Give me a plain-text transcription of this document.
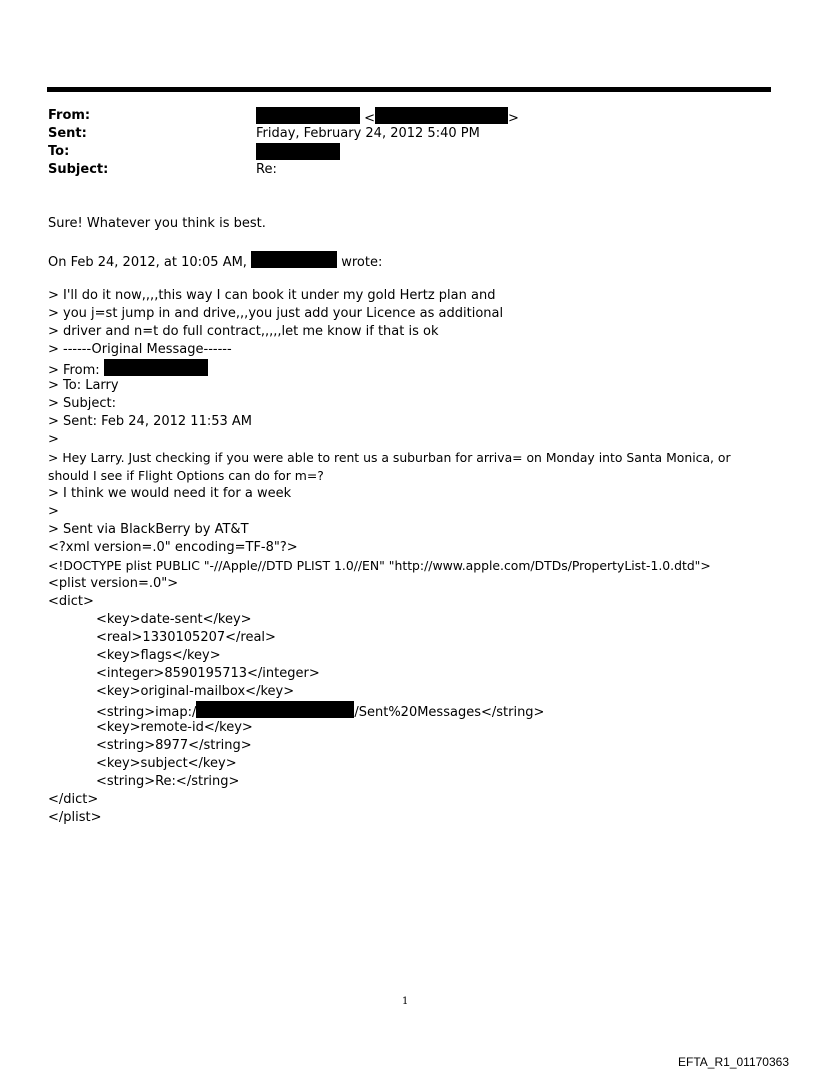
From:	<	>
Sent:	Friday, February 24, 2012 5:40 PM
To:
Subject:	Re:
Sure! Whatever you think is best.
On Feb 24, 2012, at 10:05 AM,	wrote:
> I'll do it now,,,,this way I can book it under my gold Hertz plan and
> you j=st jump in and drive,,,you just add your Licence as additional
> driver and n=t do full contract,,,,,let me know if that is ok
> ------Original Message------
> From:
> To: Larry
> Subject:
> Sent: Feb 24, 2012 11:53 AM
>
> Hey Larry. Just checking if you were able to rent us a suburban for arriva= on Monday into Santa Monica, or should I see if Flight Options can do for m=?
> I think we would need it for a week
>
> Sent via BlackBerry by AT&T
<?xml version=.0" encoding=TF-8"?>
<!DOCTYPE plist PUBLIC "-//Apple//DTD PLIST 1.0//EN" "http://www.apple.com/DTDs/PropertyList-1.0.dtd">
<plist version=.0">
<dict>
<key>date-sent</key>
<real>1330105207</real>
<key>flags</key>
<integer>8590195713</integer>
<key>original-mailbox</key>
<string>imap:/	/Sent%20Messages</string>
<key>remote-id</key>
<string>8977</string>
<key>subject</key>
<string>Re:</string>
</dict>
</plist>
1
EFTA_R1_01170363
